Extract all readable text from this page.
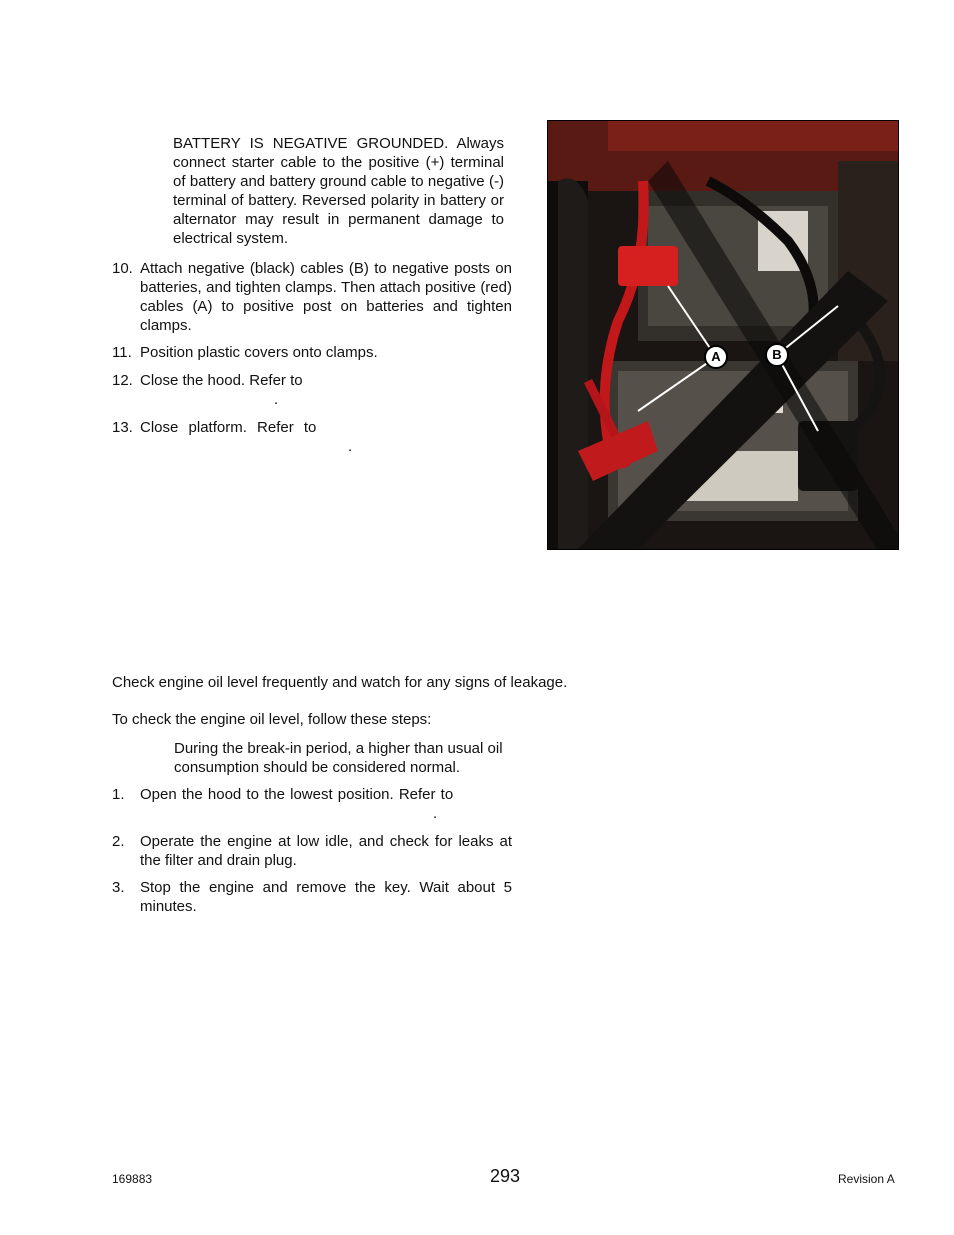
BATTERY IS NEGATIVE GROUNDED. Always connect starter cable to the positive (+) terminal of battery and battery ground cable to negative (-) terminal of battery. Reversed polarity in battery or alternator may result in permanent damage to electrical system.
10. Attach negative (black) cables (B) to negative posts on batteries, and tighten clamps. Then attach positive (red) cables (A) to positive post on batteries and tighten clamps.
11. Position plastic covers onto clamps.
12. Close the hood. Refer to
.
13. Close platform. Refer to
.
A	B
Check engine oil level frequently and watch for any signs of leakage.
To check the engine oil level, follow these steps:
During the break-in period, a higher than usual oil consumption should be considered normal.
1. Open the hood to the lowest position. Refer to
.
2. Operate the engine at low idle, and check for leaks at the filter and drain plug.
3. Stop the engine and remove the key. Wait about 5 minutes.
169883	293	Revision A
